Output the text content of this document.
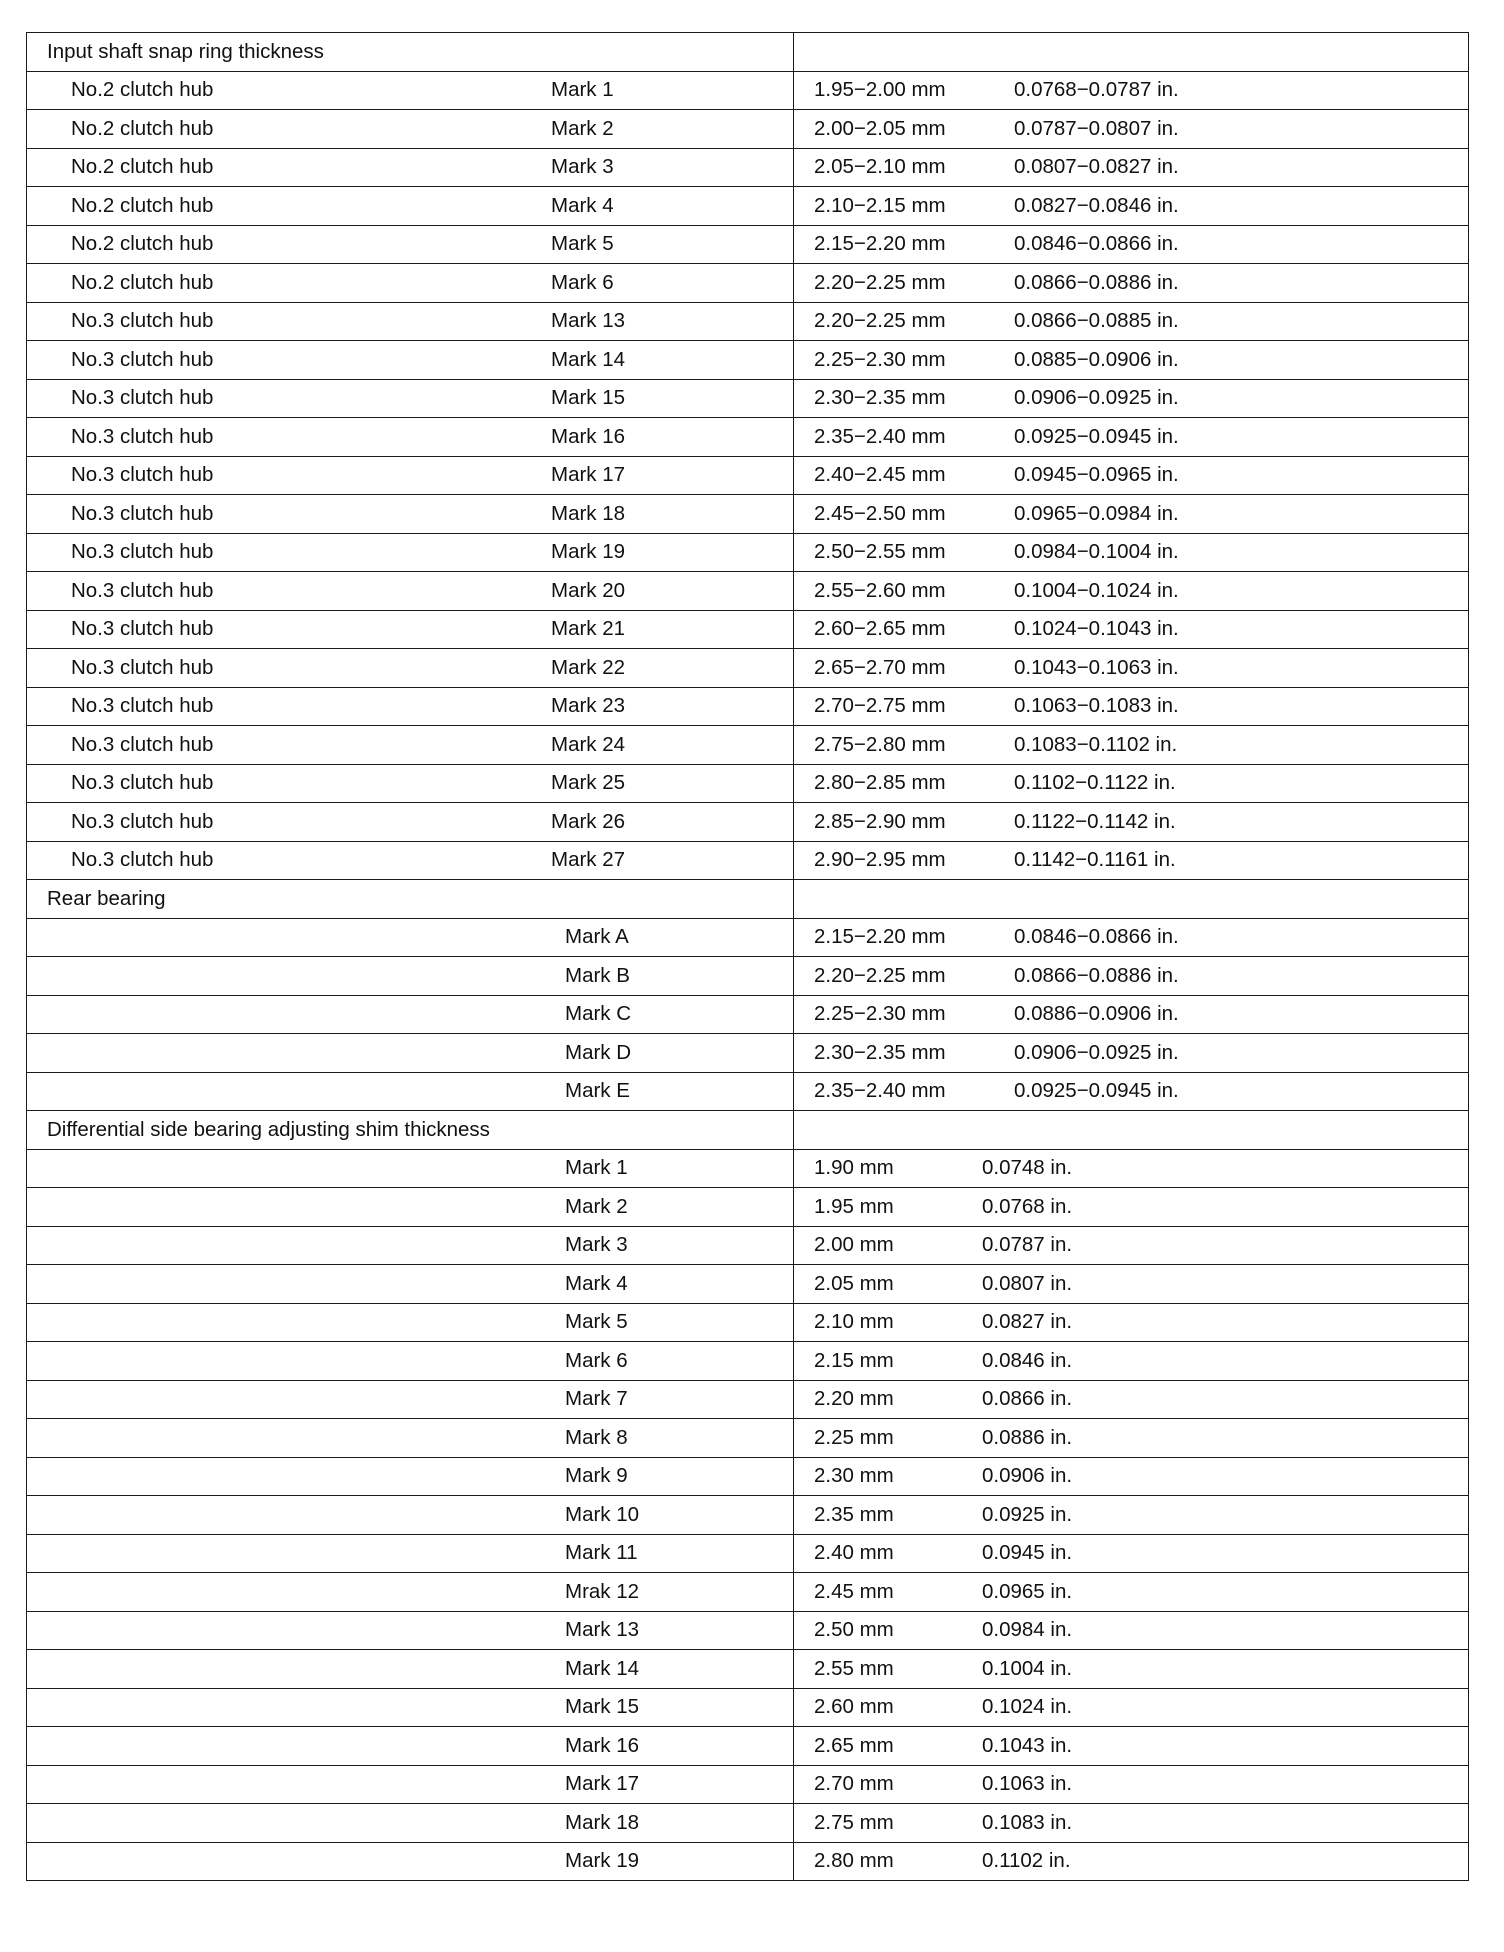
Input shaft snap ring thickness	

No.2 clutch hub Mark 1	1.95−2.00 mm 0.0768−0.0787 in.

No.2 clutch hub Mark 2	2.00−2.05 mm 0.0787−0.0807 in.

No.2 clutch hub Mark 3	2.05−2.10 mm 0.0807−0.0827 in.

No.2 clutch hub Mark 4	2.10−2.15 mm 0.0827−0.0846 in.

No.2 clutch hub Mark 5	2.15−2.20 mm 0.0846−0.0866 in.

No.2 clutch hub Mark 6	2.20−2.25 mm 0.0866−0.0886 in.

No.3 clutch hub Mark 13	2.20−2.25 mm 0.0866−0.0885 in.

No.3 clutch hub Mark 14	2.25−2.30 mm 0.0885−0.0906 in.

No.3 clutch hub Mark 15	2.30−2.35 mm 0.0906−0.0925 in.

No.3 clutch hub Mark 16	2.35−2.40 mm 0.0925−0.0945 in.

No.3 clutch hub Mark 17	2.40−2.45 mm 0.0945−0.0965 in.

No.3 clutch hub Mark 18	2.45−2.50 mm 0.0965−0.0984 in.

No.3 clutch hub Mark 19	2.50−2.55 mm 0.0984−0.1004 in.

No.3 clutch hub Mark 20	2.55−2.60 mm 0.1004−0.1024 in.

No.3 clutch hub Mark 21	2.60−2.65 mm 0.1024−0.1043 in.

No.3 clutch hub Mark 22	2.65−2.70 mm 0.1043−0.1063 in.

No.3 clutch hub Mark 23	2.70−2.75 mm 0.1063−0.1083 in.

No.3 clutch hub Mark 24	2.75−2.80 mm 0.1083−0.1102 in.

No.3 clutch hub Mark 25	2.80−2.85 mm 0.1102−0.1122 in.

No.3 clutch hub Mark 26	2.85−2.90 mm 0.1122−0.1142 in.

No.3 clutch hub Mark 27	2.90−2.95 mm 0.1142−0.1161 in.

Rear bearing	

Mark A	2.15−2.20 mm 0.0846−0.0866 in.

Mark B	2.20−2.25 mm 0.0866−0.0886 in.

Mark C	2.25−2.30 mm 0.0886−0.0906 in.

Mark D	2.30−2.35 mm 0.0906−0.0925 in.

Mark E	2.35−2.40 mm 0.0925−0.0945 in.

Differential side bearing adjusting shim thickness	

Mark 1	1.90 mm 0.0748 in.

Mark 2	1.95 mm 0.0768 in.

Mark 3	2.00 mm 0.0787 in.

Mark 4	2.05 mm 0.0807 in.

Mark 5	2.10 mm 0.0827 in.

Mark 6	2.15 mm 0.0846 in.

Mark 7	2.20 mm 0.0866 in.

Mark 8	2.25 mm 0.0886 in.

Mark 9	2.30 mm 0.0906 in.

Mark 10	2.35 mm 0.0925 in.

Mark 11	2.40 mm 0.0945 in.

Mrak 12	2.45 mm 0.0965 in.

Mark 13	2.50 mm 0.0984 in.

Mark 14	2.55 mm 0.1004 in.

Mark 15	2.60 mm 0.1024 in.

Mark 16	2.65 mm 0.1043 in.

Mark 17	2.70 mm 0.1063 in.

Mark 18	2.75 mm 0.1083 in.

Mark 19	2.80 mm 0.1102 in.
